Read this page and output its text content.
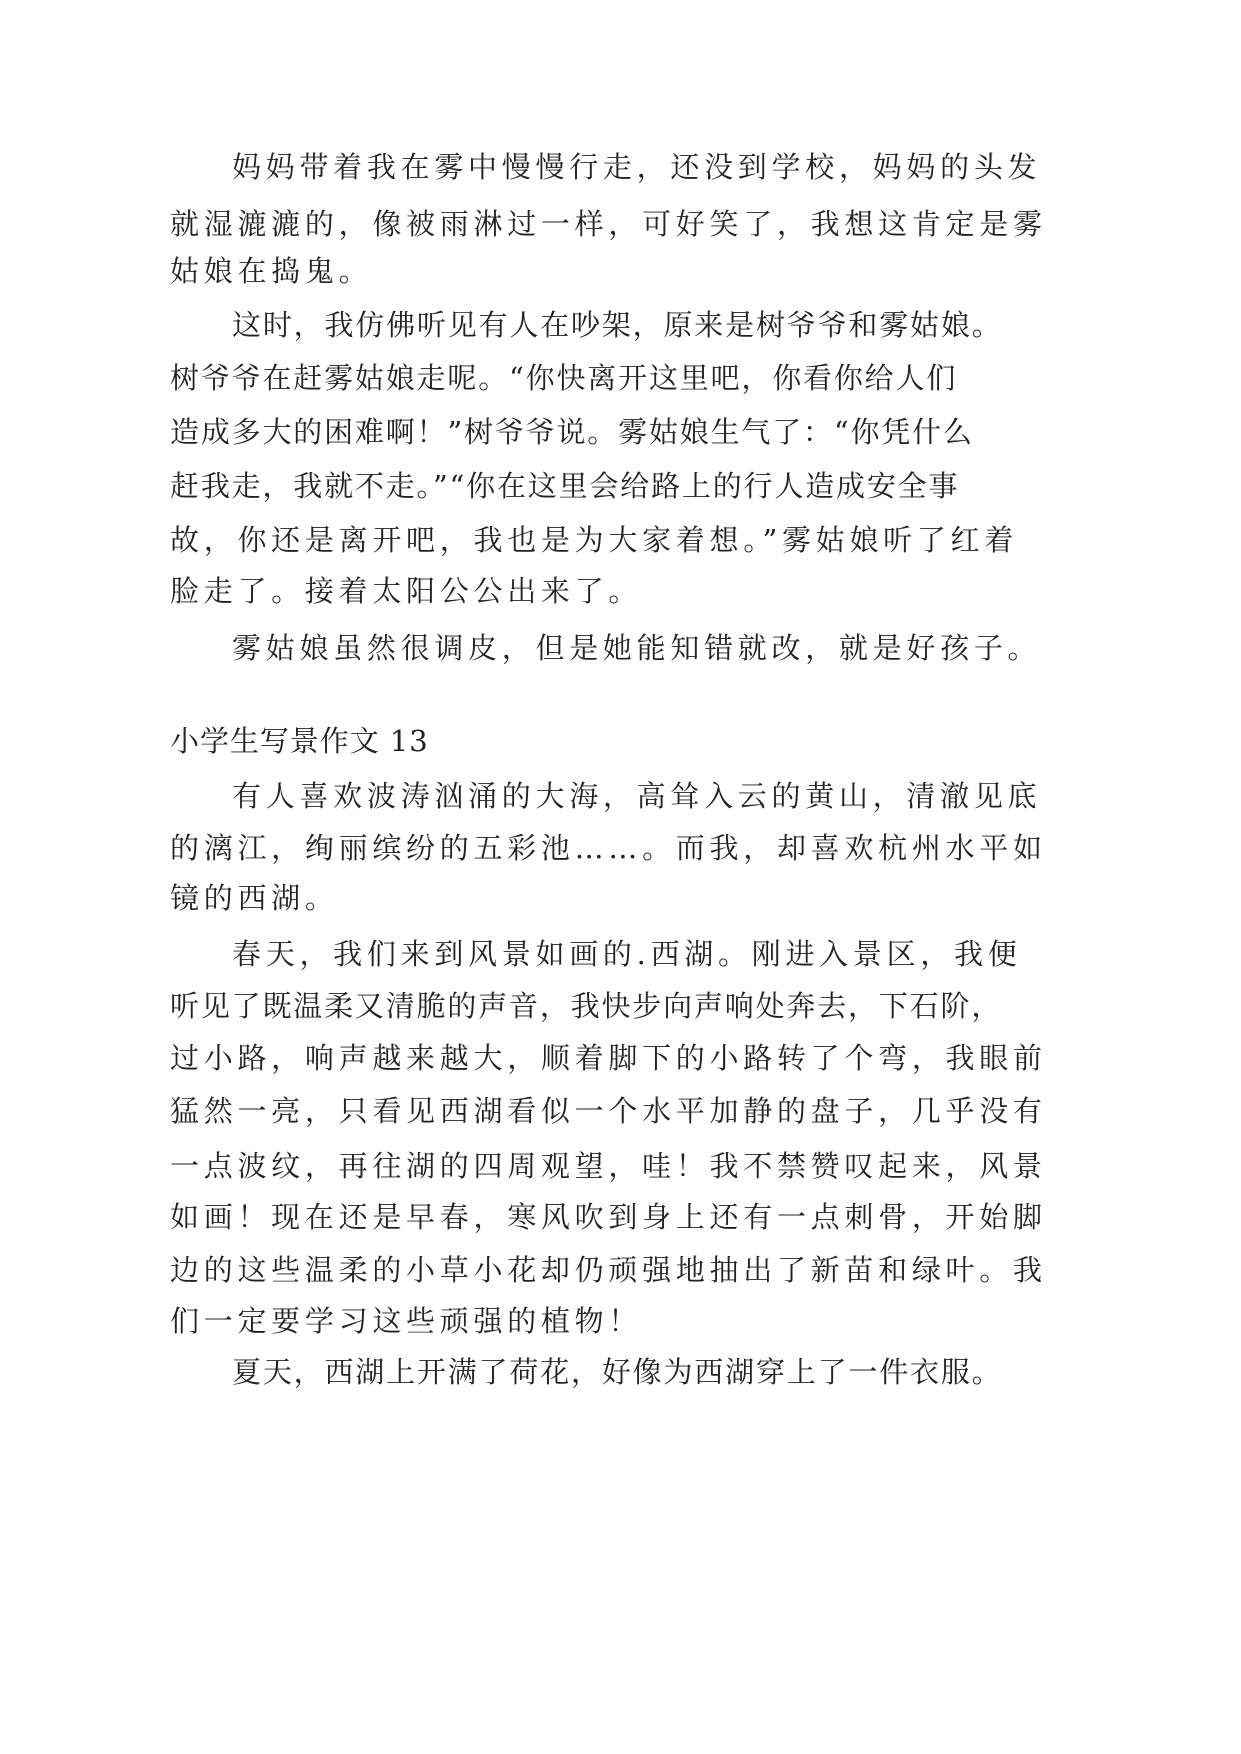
妈妈带着我在雾中慢慢行走，还没到学校，妈妈的头发

就湿漉漉的，像被雨淋过一样，可好笑了，我想这肯定是雾

姑娘在捣鬼。

这时，我仿佛听见有人在吵架，原来是树爷爷和雾姑娘。

树爷爷在赶雾姑娘走呢。“你快离开这里吧，你看你给人们

造成多大的困难啊！”树爷爷说。雾姑娘生气了：“你凭什么

赶我走，我就不走。”“你在这里会给路上的行人造成安全事

故，你还是离开吧，我也是为大家着想。”雾姑娘听了红着

脸走了。接着太阳公公出来了。

雾姑娘虽然很调皮，但是她能知错就改，就是好孩子。

小学生写景作文 13

有人喜欢波涛汹涌的大海，高耸入云的黄山，清澈见底

的漓江，绚丽缤纷的五彩池……。而我，却喜欢杭州水平如

镜的西湖。

春天，我们来到风景如画的.西湖。刚进入景区，我便

听见了既温柔又清脆的声音，我快步向声响处奔去，下石阶，

过小路，响声越来越大，顺着脚下的小路转了个弯，我眼前

猛然一亮，只看见西湖看似一个水平加静的盘子，几乎没有

一点波纹，再往湖的四周观望，哇！我不禁赞叹起来，风景

如画！现在还是早春，寒风吹到身上还有一点刺骨，开始脚

边的这些温柔的小草小花却仍顽强地抽出了新苗和绿叶。我

们一定要学习这些顽强的植物！

夏天，西湖上开满了荷花，好像为西湖穿上了一件衣服。
